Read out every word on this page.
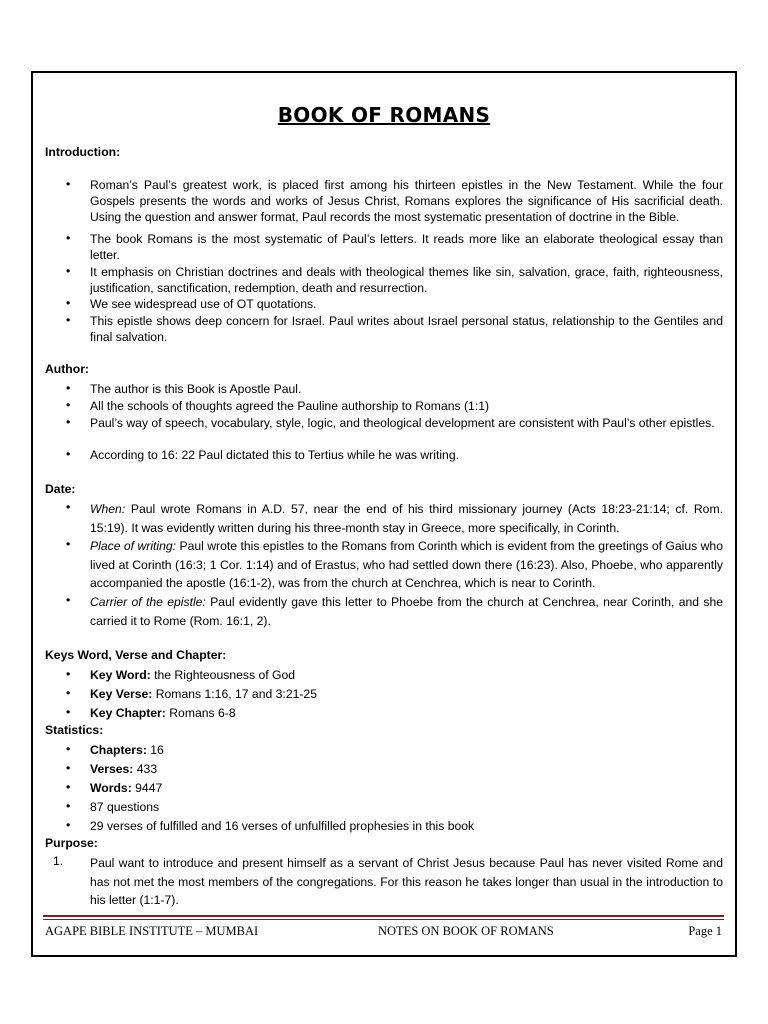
BOOK OF ROMANS
Introduction:
• Roman’s Paul’s greatest work, is placed first among his thirteen epistles in the New Testament. While the four Gospels presents the words and works of Jesus Christ, Romans explores the significance of His sacrificial death. Using the question and answer format, Paul records the most systematic presentation of doctrine in the Bible.
• The book Romans is the most systematic of Paul’s letters. It reads more like an elaborate theological essay than letter.
• It emphasis on Christian doctrines and deals with theological themes like sin, salvation, grace, faith, righteousness, justification, sanctification, redemption, death and resurrection.
• We see widespread use of OT quotations.
• This epistle shows deep concern for Israel. Paul writes about Israel personal status, relationship to the Gentiles and final salvation.
Author:
• The author is this Book is Apostle Paul.
• All the schools of thoughts agreed the Pauline authorship to Romans (1:1)
• Paul’s way of speech, vocabulary, style, logic, and theological development are consistent with Paul’s other epistles.
• According to 16: 22 Paul dictated this to Tertius while he was writing.
Date:
• When: Paul wrote Romans in A.D. 57, near the end of his third missionary journey (Acts 18:23-21:14; cf. Rom. 15:19). It was evidently written during his three-month stay in Greece, more specifically, in Corinth.
• Place of writing: Paul wrote this epistles to the Romans from Corinth which is evident from the greetings of Gaius who lived at Corinth (16:3; 1 Cor. 1:14) and of Erastus, who had settled down there (16:23). Also, Phoebe, who apparently accompanied the apostle (16:1-2), was from the church at Cenchrea, which is near to Corinth.
• Carrier of the epistle: Paul evidently gave this letter to Phoebe from the church at Cenchrea, near Corinth, and she carried it to Rome (Rom. 16:1, 2).
Keys Word, Verse and Chapter:
• Key Word: the Righteousness of God
• Key Verse: Romans 1:16, 17 and 3:21-25
• Key Chapter: Romans 6-8
Statistics:
• Chapters: 16
• Verses: 433
• Words: 9447
• 87 questions
• 29 verses of fulfilled and 16 verses of unfulfilled prophesies in this book
Purpose:
1. Paul want to introduce and present himself as a servant of Christ Jesus because Paul has never visited Rome and has not met the most members of the congregations. For this reason he takes longer than usual in the introduction to his letter (1:1-7).
AGAPE BIBLE INSTITUTE – MUMBAI	NOTES ON BOOK OF ROMANS	Page 1
